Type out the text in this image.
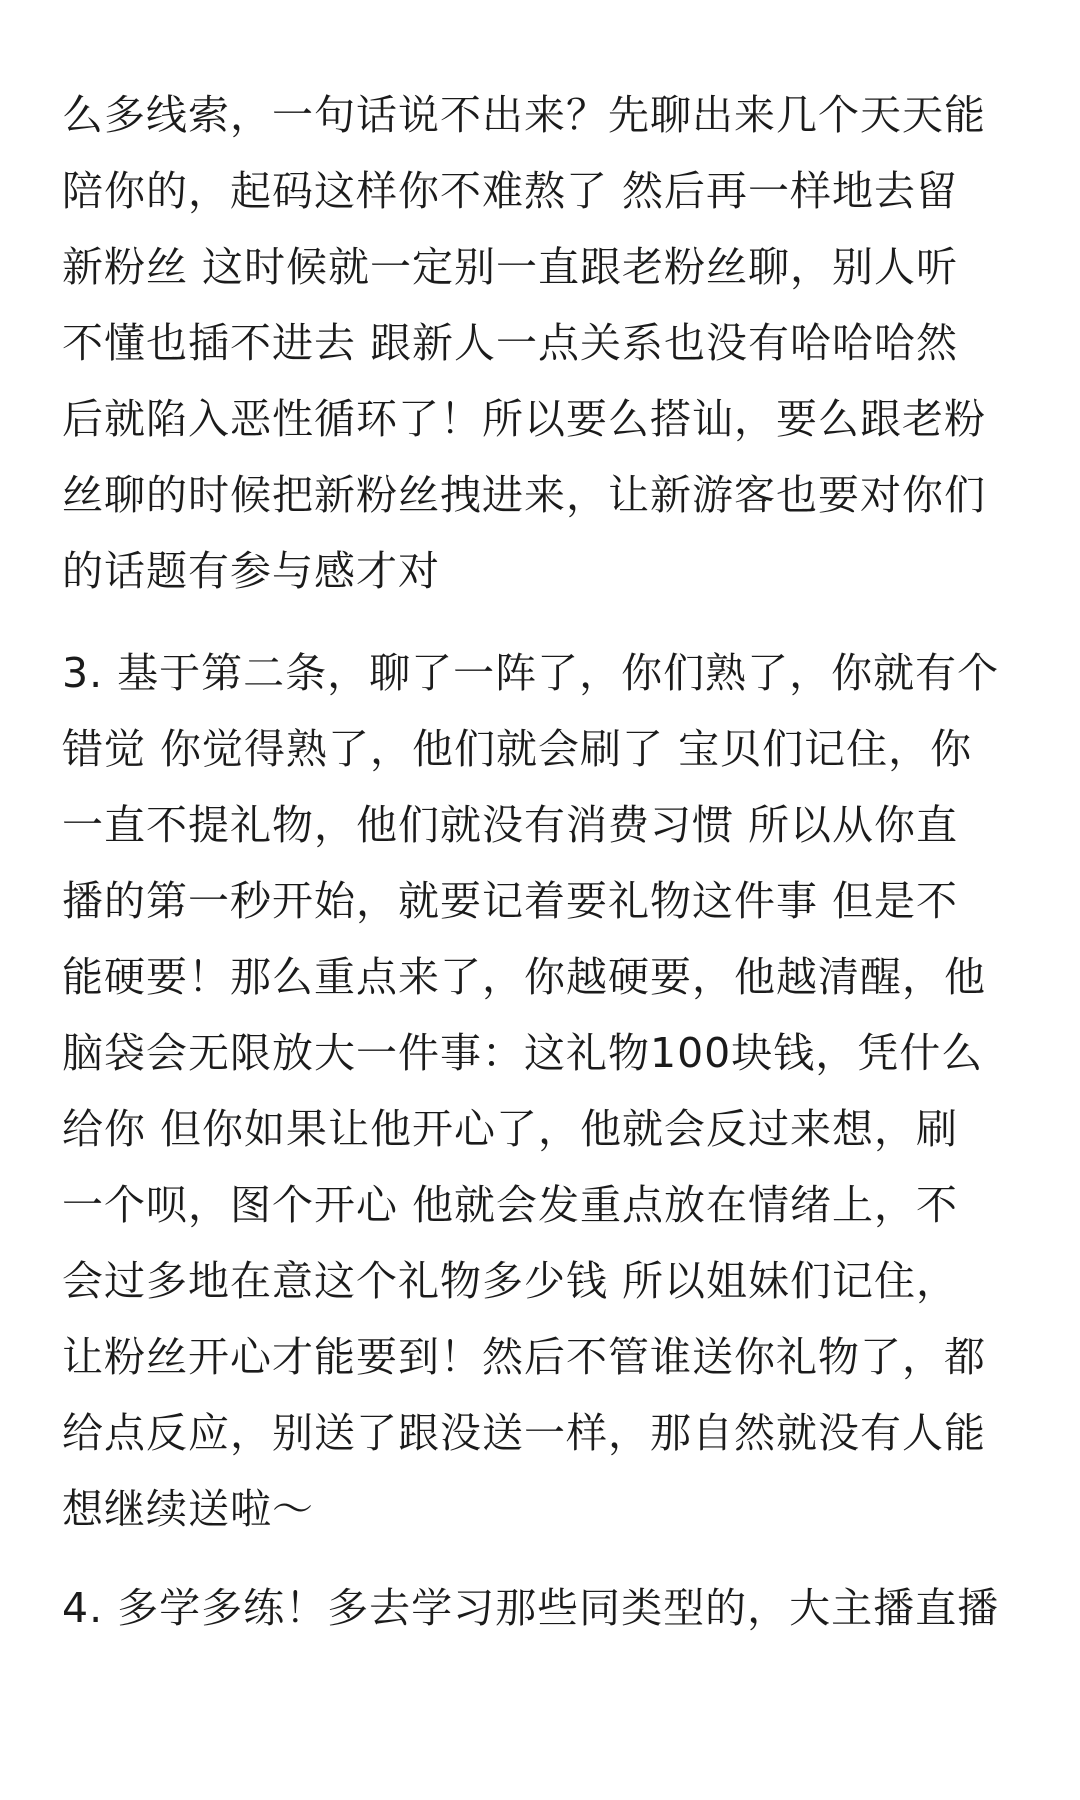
么多线索，一句话说不出来？先聊出来几个天天能
陪你的，起码这样你不难熬了 然后再一样地去留
新粉丝 这时候就一定别一直跟老粉丝聊，别人听
不懂也插不进去 跟新人一点关系也没有哈哈哈然
后就陷入恶性循环了！所以要么搭讪，要么跟老粉
丝聊的时候把新粉丝拽进来，让新游客也要对你们
的话题有参与感才对
3. 基于第二条，聊了一阵了，你们熟了，你就有个
错觉 你觉得熟了，他们就会刷了 宝贝们记住，你
一直不提礼物，他们就没有消费习惯 所以从你直
播的第一秒开始，就要记着要礼物这件事 但是不
能硬要！那么重点来了，你越硬要，他越清醒，他
脑袋会无限放大一件事：这礼物100块钱，凭什么
给你 但你如果让他开心了，他就会反过来想，刷
一个呗，图个开心 他就会发重点放在情绪上，不
会过多地在意这个礼物多少钱 所以姐妹们记住，
让粉丝开心才能要到！然后不管谁送你礼物了，都
给点反应，别送了跟没送一样，那自然就没有人能
想继续送啦～
4. 多学多练！多去学习那些同类型的，大主播直播
